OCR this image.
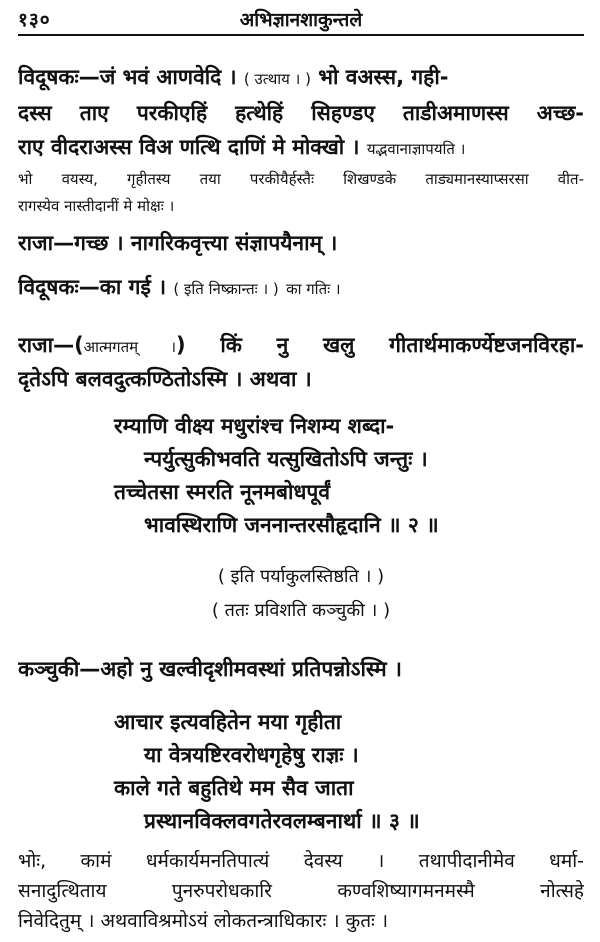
१३०	अभिज्ञानशाकुन्तले
विदूषकः—जं भवं आणवेदि । ( उत्थाय । ) भो वअस्स, गही-
दस्स ताए परकीएहिं हत्थेहिं सिहण्डए ताडीअमाणस्स अच्छ-
राए वीदराअस्स विअ णत्थि दाणिं मे मोक्खो । यद्भवानाज्ञापयति ।
भो वयस्य, गृहीतस्य तया परकीयैर्हस्तैः शिखण्डके ताड्यमानस्याप्सरसा वीत-
रागस्येव नास्तीदानीं मे मोक्षः ।
राजा—गच्छ । नागरिकवृत्त्या संज्ञापयैनाम् ।
विदूषकः—का गई । ( इति निष्क्रान्तः । ) का गतिः ।
राजा—(आत्मगतम् ।) किं नु खलु गीतार्थमाकर्ण्येष्टजनविरहा-
दृतेऽपि बलवदुत्कण्ठितोऽस्मि । अथवा ।
रम्याणि वीक्ष्य मधुरांश्च निशम्य शब्दा-
न्पर्युत्सुकीभवति यत्सुखितोऽपि जन्तुः ।
तच्चेतसा स्मरति नूनमबोधपूर्वं
भावस्थिराणि जननान्तरसौहृदानि ॥ २ ॥
( इति पर्याकुलस्तिष्ठति । )
( ततः प्रविशति कञ्चुकी । )
कञ्चुकी—अहो नु खल्वीदृशीमवस्थां प्रतिपन्नोऽस्मि ।
आचार इत्यवहितेन मया गृहीता
या वेत्रयष्टिरवरोधगृहेषु राज्ञः ।
काले गते बहुतिथे मम सैव जाता
प्रस्थानविक्लवगतेरवलम्बनार्था ॥ ३ ॥
भोः, कामं धर्मकार्यमनतिपात्यं देवस्य । तथापीदानीमेव धर्मा-
सनादुत्थिताय पुनरुपरोधकारि कण्वशिष्यागमनमस्मै नोत्सहे
निवेदितुम् । अथवाविश्रमोऽयं लोकतन्त्राधिकारः । कुतः ।
